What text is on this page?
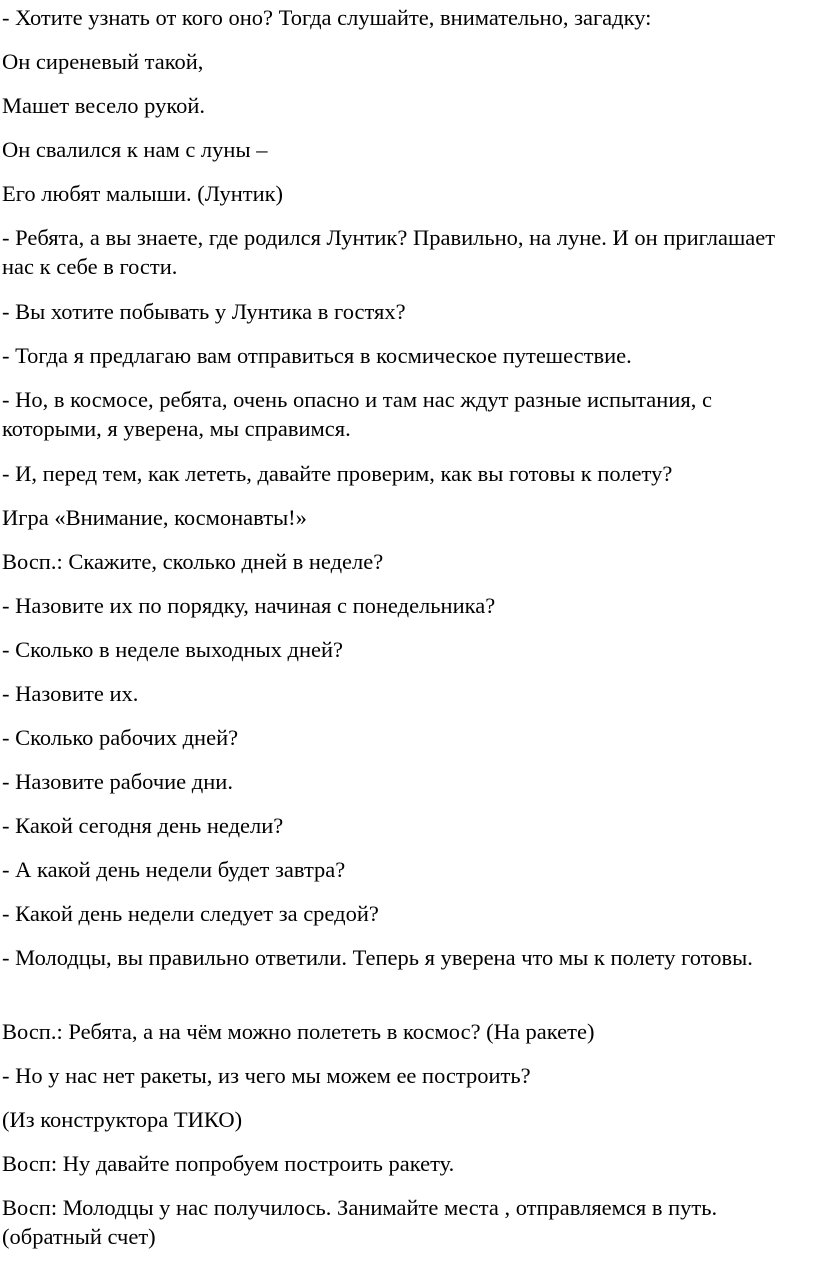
- Хотите узнать от кого оно? Тогда слушайте, внимательно, загадку:

Он сиреневый такой,

Машет весело рукой.

Он свалился к нам с луны –

Его любят малыши. (Лунтик)

- Ребята, а вы знаете, где родился Лунтик? Правильно, на луне. И он приглашает нас к себе в гости.

- Вы хотите побывать у Лунтика в гостях?

- Тогда я предлагаю вам отправиться в космическое путешествие.

- Но, в космосе, ребята, очень опасно и там нас ждут разные испытания, с которыми, я уверена, мы справимся.

- И, перед тем, как лететь, давайте проверим, как вы готовы к полету?

Игра «Внимание, космонавты!»

Восп.: Скажите, сколько дней в неделе?

- Назовите их по порядку, начиная с понедельника?

- Сколько в неделе выходных дней?

- Назовите их.

- Сколько рабочих дней?

- Назовите рабочие дни.

- Какой сегодня день недели?

- А какой день недели будет завтра?

- Какой день недели следует за средой?

- Молодцы, вы правильно ответили. Теперь я уверена что мы к полету готовы.

Восп.: Ребята, а на чём можно полететь в космос? (На ракете)

- Но у нас нет ракеты, из чего мы можем ее построить?

(Из конструктора ТИКО)

Восп: Ну давайте попробуем построить ракету.

Восп: Молодцы у нас получилось. Занимайте места , отправляемся в путь.(обратный счет)
